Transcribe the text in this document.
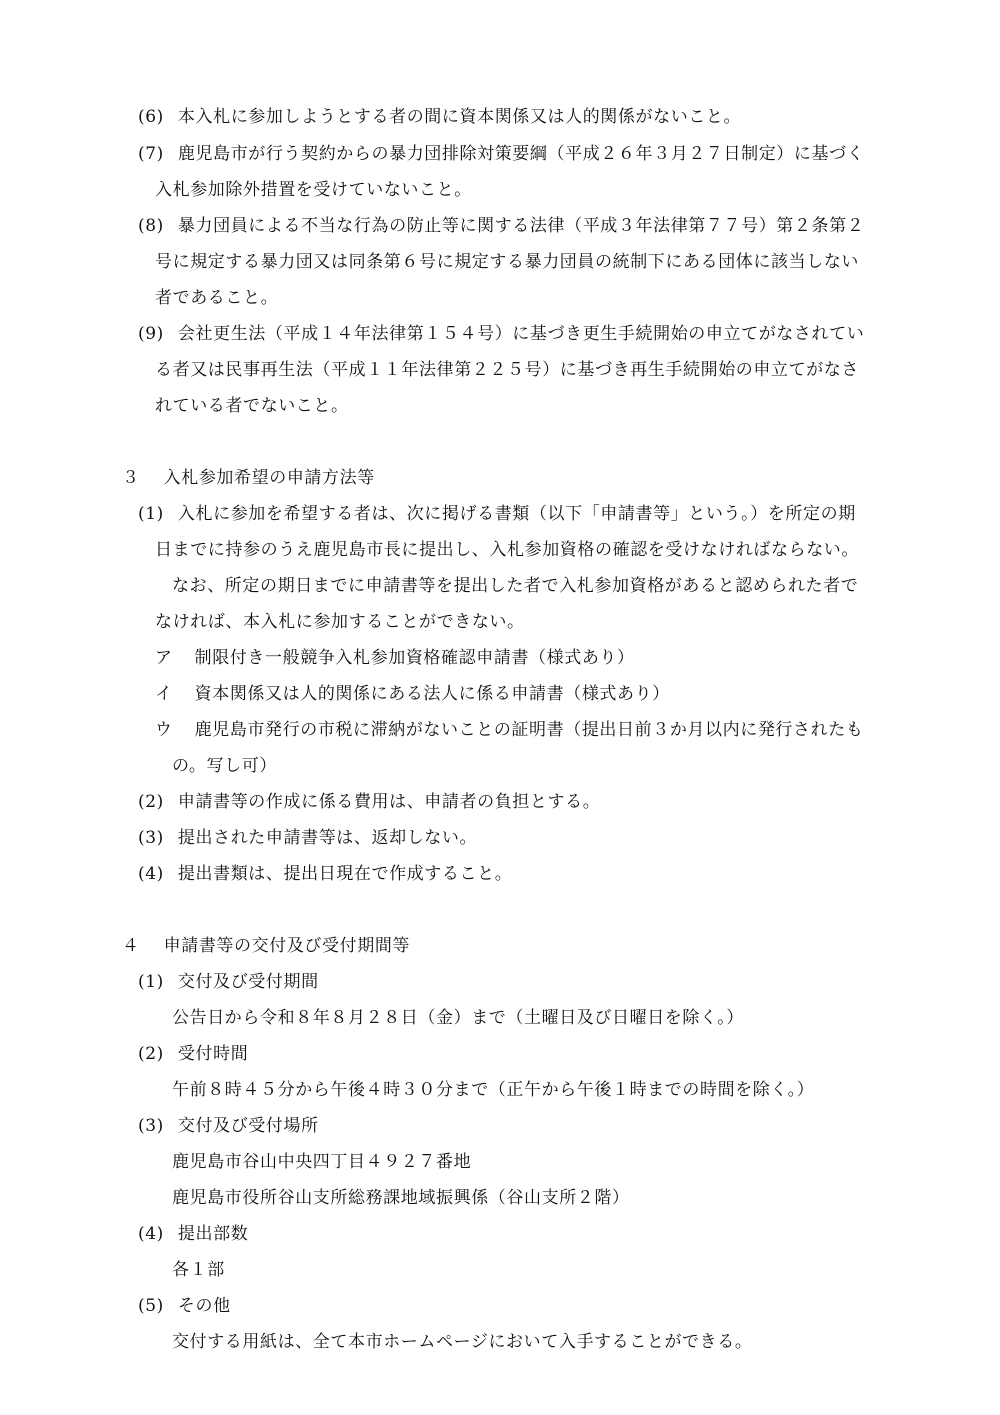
(6) 本入札に参加しようとする者の間に資本関係又は人的関係がないこと。
(7) 鹿児島市が行う契約からの暴力団排除対策要綱（平成２６年３月２７日制定）に基づく
入札参加除外措置を受けていないこと。
(8) 暴力団員による不当な行為の防止等に関する法律（平成３年法律第７７号）第２条第２
号に規定する暴力団又は同条第６号に規定する暴力団員の統制下にある団体に該当しない
者であること。
(9) 会社更生法（平成１４年法律第１５４号）に基づき更生手続開始の申立てがなされてい
る者又は民事再生法（平成１１年法律第２２５号）に基づき再生手続開始の申立てがなさ
れている者でないこと。
３ 入札参加希望の申請方法等
(1) 入札に参加を希望する者は、次に掲げる書類（以下「申請書等」という。）を所定の期
日までに持参のうえ鹿児島市長に提出し、入札参加資格の確認を受けなければならない。
なお、所定の期日までに申請書等を提出した者で入札参加資格があると認められた者で
なければ、本入札に参加することができない。
ア 制限付き一般競争入札参加資格確認申請書（様式あり）
イ 資本関係又は人的関係にある法人に係る申請書（様式あり）
ウ 鹿児島市発行の市税に滞納がないことの証明書（提出日前３か月以内に発行されたも
の。写し可）
(2) 申請書等の作成に係る費用は、申請者の負担とする。
(3) 提出された申請書等は、返却しない。
(4) 提出書類は、提出日現在で作成すること。
４ 申請書等の交付及び受付期間等
(1) 交付及び受付期間
公告日から令和８年８月２８日（金）まで（土曜日及び日曜日を除く。）
(2) 受付時間
午前８時４５分から午後４時３０分まで（正午から午後１時までの時間を除く。）
(3) 交付及び受付場所
鹿児島市谷山中央四丁目４９２７番地
鹿児島市役所谷山支所総務課地域振興係（谷山支所２階）
(4) 提出部数
各１部
(5) その他
交付する用紙は、全て本市ホームページにおいて入手することができる。
